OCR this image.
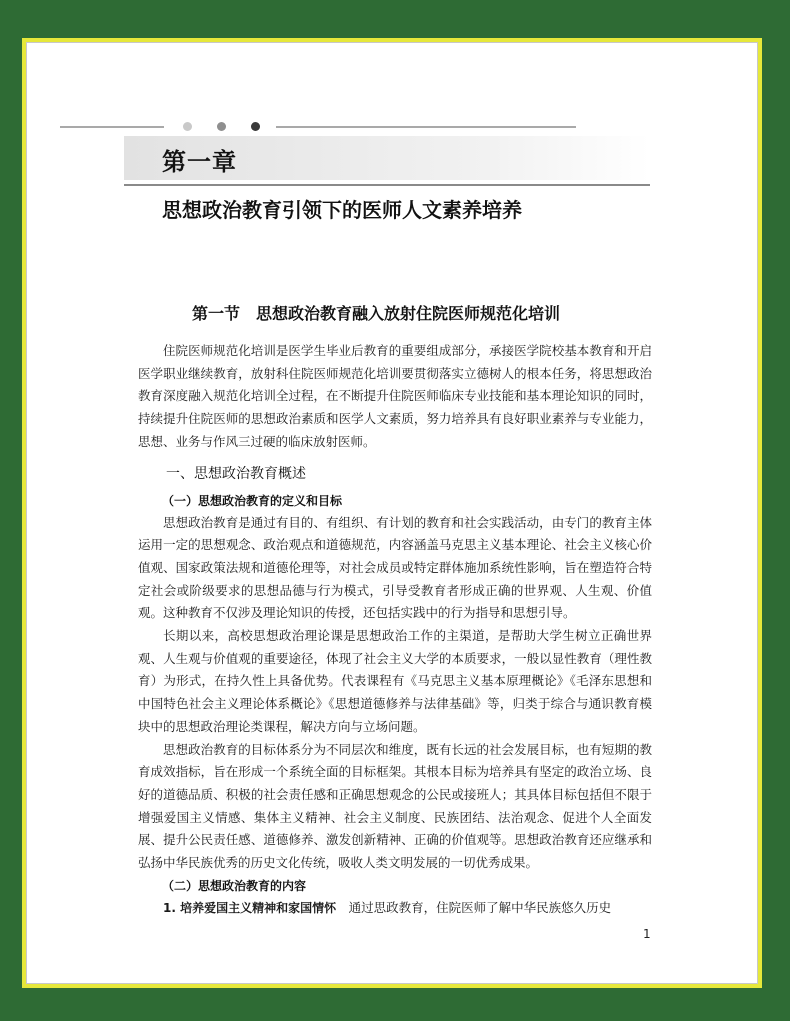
第一章
思想政治教育引领下的医师人文素养培养
第一节　思想政治教育融入放射住院医师规范化培训

住院医师规范化培训是医学生毕业后教育的重要组成部分，承接医学院校基本教育和开启医学职业继续教育，放射科住院医师规范化培训要贯彻落实立德树人的根本任务，将思想政治教育深度融入规范化培训全过程，在不断提升住院医师临床专业技能和基本理论知识的同时，持续提升住院医师的思想政治素质和医学人文素质，努力培养具有良好职业素养与专业能力，思想、业务与作风三过硬的临床放射医师。

一、思想政治教育概述
（一）思想政治教育的定义和目标

思想政治教育是通过有目的、有组织、有计划的教育和社会实践活动，由专门的教育主体运用一定的思想观念、政治观点和道德规范，内容涵盖马克思主义基本理论、社会主义核心价值观、国家政策法规和道德伦理等，对社会成员或特定群体施加系统性影响，旨在塑造符合特定社会或阶级要求的思想品德与行为模式，引导受教育者形成正确的世界观、人生观、价值观。这种教育不仅涉及理论知识的传授，还包括实践中的行为指导和思想引导。

长期以来，高校思想政治理论课是思想政治工作的主渠道，是帮助大学生树立正确世界观、人生观与价值观的重要途径，体现了社会主义大学的本质要求，一般以显性教育（理性教育）为形式，在持久性上具备优势。代表课程有《马克思主义基本原理概论》《毛泽东思想和中国特色社会主义理论体系概论》《思想道德修养与法律基础》等，归类于综合与通识教育模块中的思想政治理论类课程，解决方向与立场问题。

思想政治教育的目标体系分为不同层次和维度，既有长远的社会发展目标，也有短期的教育成效指标，旨在形成一个系统全面的目标框架。其根本目标为培养具有坚定的政治立场、良好的道德品质、积极的社会责任感和正确思想观念的公民或接班人；其具体目标包括但不限于增强爱国主义情感、集体主义精神、社会主义制度、民族团结、法治观念、促进个人全面发展、提升公民责任感、道德修养、激发创新精神、正确的价值观等。思想政治教育还应继承和弘扬中华民族优秀的历史文化传统，吸收人类文明发展的一切优秀成果。

（二）思想政治教育的内容

1. 培养爱国主义精神和家国情怀　通过思政教育，住院医师了解中华民族悠久历史

1
